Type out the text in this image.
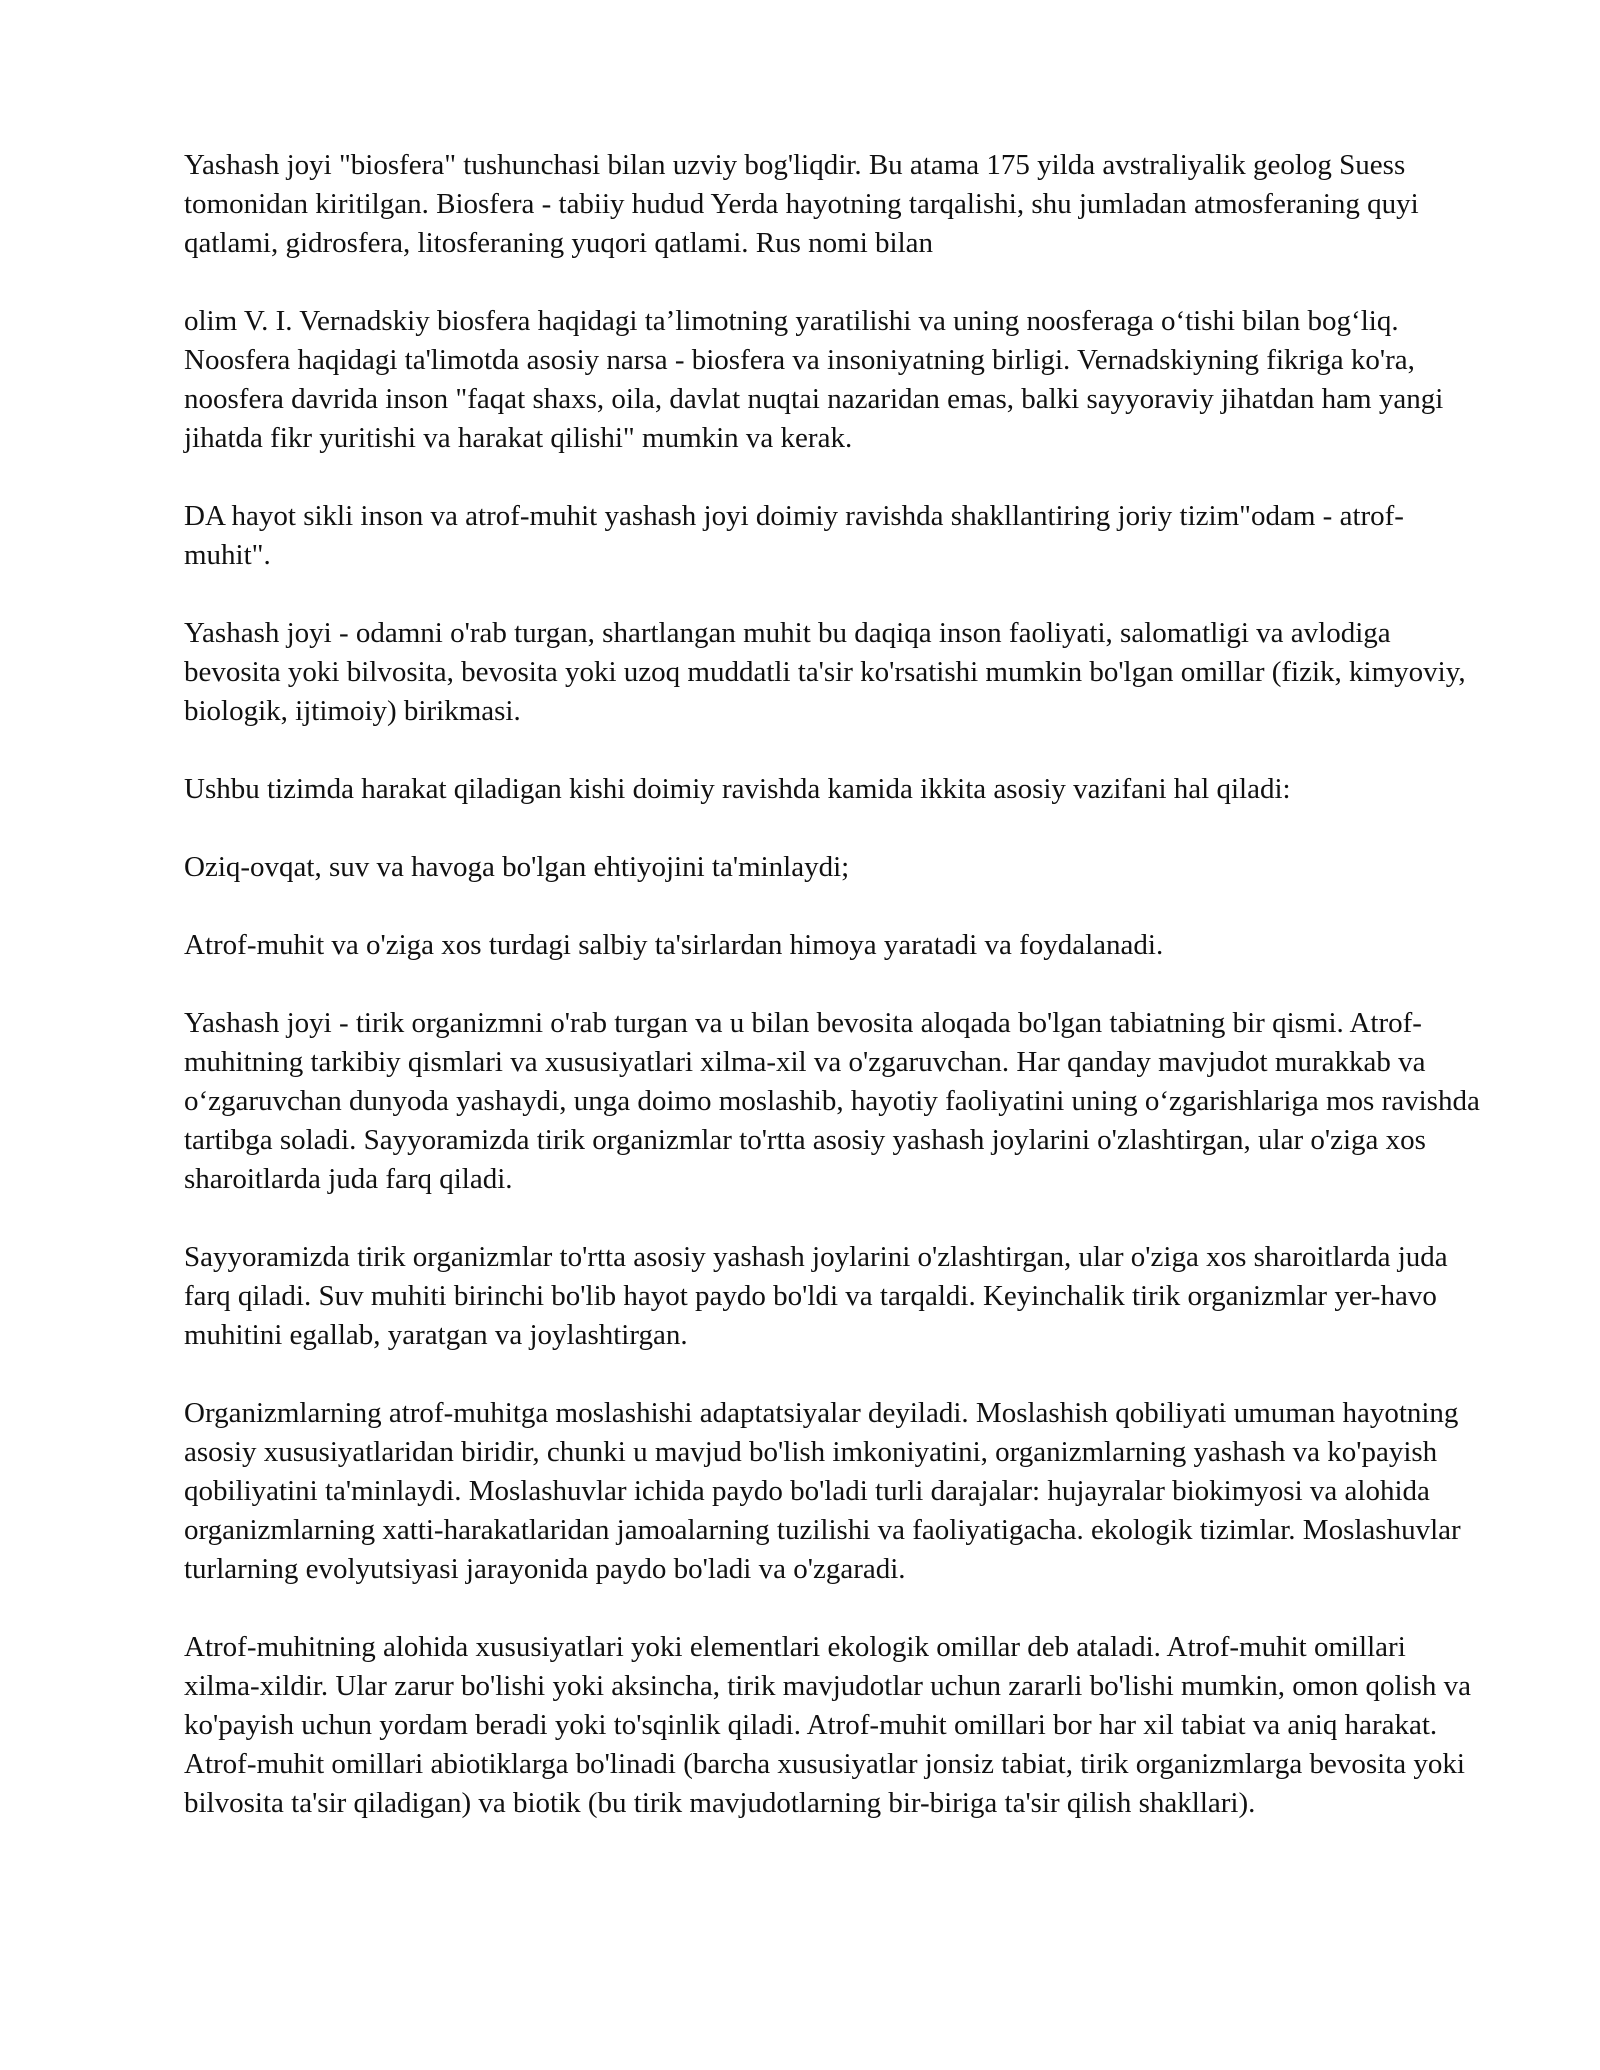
Yashash joyi "biosfera" tushunchasi bilan uzviy bog'liqdir. Bu atama 175 yilda avstraliyalik geolog Suess tomonidan kiritilgan. Biosfera - tabiiy hudud Yerda hayotning tarqalishi, shu jumladan atmosferaning quyi qatlami, gidrosfera, litosferaning yuqori qatlami. Rus nomi bilan

olim V. I. Vernadskiy biosfera haqidagi ta’limotning yaratilishi va uning noosferaga o‘tishi bilan bog‘liq. Noosfera haqidagi ta'limotda asosiy narsa - biosfera va insoniyatning birligi. Vernadskiyning fikriga ko'ra, noosfera davrida inson "faqat shaxs, oila, davlat nuqtai nazaridan emas, balki sayyoraviy jihatdan ham yangi jihatda fikr yuritishi va harakat qilishi" mumkin va kerak.

DA hayot sikli inson va atrof-muhit yashash joyi doimiy ravishda shakllantiring joriy tizim"odam - atrof-muhit".

Yashash joyi - odamni o'rab turgan, shartlangan muhit bu daqiqa inson faoliyati, salomatligi va avlodiga bevosita yoki bilvosita, bevosita yoki uzoq muddatli ta'sir ko'rsatishi mumkin bo'lgan omillar (fizik, kimyoviy, biologik, ijtimoiy) birikmasi.

Ushbu tizimda harakat qiladigan kishi doimiy ravishda kamida ikkita asosiy vazifani hal qiladi:

Oziq-ovqat, suv va havoga bo'lgan ehtiyojini ta'minlaydi;

Atrof-muhit va o'ziga xos turdagi salbiy ta'sirlardan himoya yaratadi va foydalanadi.

Yashash joyi - tirik organizmni o'rab turgan va u bilan bevosita aloqada bo'lgan tabiatning bir qismi. Atrof-muhitning tarkibiy qismlari va xususiyatlari xilma-xil va o'zgaruvchan. Har qanday mavjudot murakkab va o‘zgaruvchan dunyoda yashaydi, unga doimo moslashib, hayotiy faoliyatini uning o‘zgarishlariga mos ravishda tartibga soladi. Sayyoramizda tirik organizmlar to'rtta asosiy yashash joylarini o'zlashtirgan, ular o'ziga xos sharoitlarda juda farq qiladi.

Sayyoramizda tirik organizmlar to'rtta asosiy yashash joylarini o'zlashtirgan, ular o'ziga xos sharoitlarda juda farq qiladi. Suv muhiti birinchi bo'lib hayot paydo bo'ldi va tarqaldi. Keyinchalik tirik organizmlar yer-havo muhitini egallab, yaratgan va joylashtirgan.

Organizmlarning atrof-muhitga moslashishi adaptatsiyalar deyiladi. Moslashish qobiliyati umuman hayotning asosiy xususiyatlaridan biridir, chunki u mavjud bo'lish imkoniyatini, organizmlarning yashash va ko'payish qobiliyatini ta'minlaydi. Moslashuvlar ichida paydo bo'ladi turli darajalar: hujayralar biokimyosi va alohida organizmlarning xatti-harakatlaridan jamoalarning tuzilishi va faoliyatigacha. ekologik tizimlar. Moslashuvlar turlarning evolyutsiyasi jarayonida paydo bo'ladi va o'zgaradi.

Atrof-muhitning alohida xususiyatlari yoki elementlari ekologik omillar deb ataladi. Atrof-muhit omillari xilma-xildir. Ular zarur bo'lishi yoki aksincha, tirik mavjudotlar uchun zararli bo'lishi mumkin, omon qolish va ko'payish uchun yordam beradi yoki to'sqinlik qiladi. Atrof-muhit omillari bor har xil tabiat va aniq harakat. Atrof-muhit omillari abiotiklarga bo'linadi (barcha xususiyatlar jonsiz tabiat, tirik organizmlarga bevosita yoki bilvosita ta'sir qiladigan) va biotik (bu tirik mavjudotlarning bir-biriga ta'sir qilish shakllari).
